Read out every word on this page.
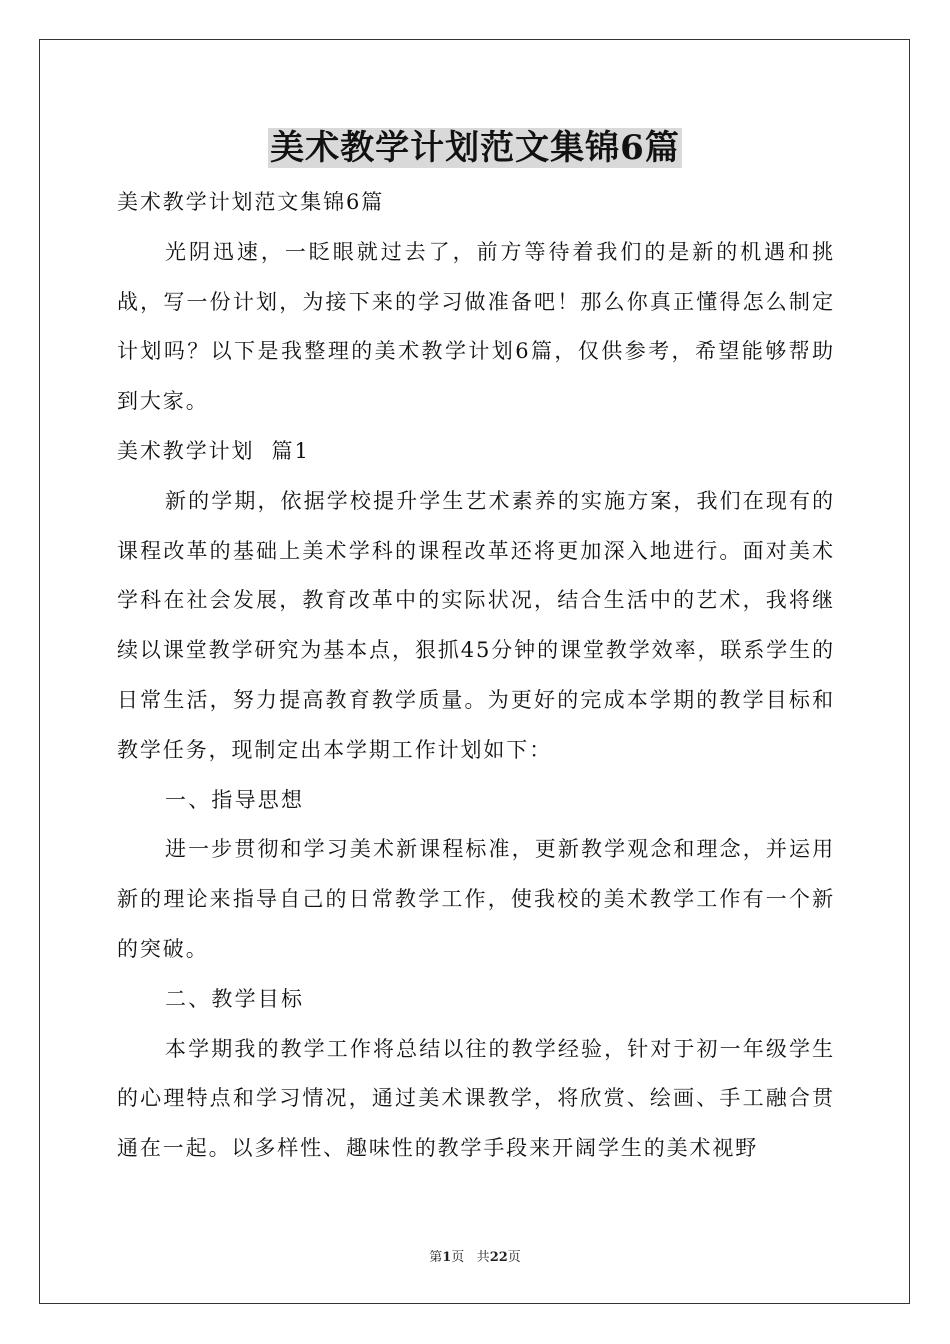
美术教学计划范文集锦6篇

美术教学计划范文集锦6篇

光阴迅速，一眨眼就过去了，前方等待着我们的是新的机遇和挑战，写一份计划，为接下来的学习做准备吧！那么你真正懂得怎么制定计划吗？以下是我整理的美术教学计划6篇，仅供参考，希望能够帮助到大家。

美术教学计划  篇1

新的学期，依据学校提升学生艺术素养的实施方案，我们在现有的课程改革的基础上美术学科的课程改革还将更加深入地进行。面对美术学科在社会发展，教育改革中的实际状况，结合生活中的艺术，我将继续以课堂教学研究为基本点，狠抓45分钟的课堂教学效率，联系学生的日常生活，努力提高教育教学质量。为更好的完成本学期的教学目标和教学任务，现制定出本学期工作计划如下：

一、指导思想

进一步贯彻和学习美术新课程标准，更新教学观念和理念，并运用新的理论来指导自己的日常教学工作，使我校的美术教学工作有一个新的突破。

二、教学目标

本学期我的教学工作将总结以往的教学经验，针对于初一年级学生的心理特点和学习情况，通过美术课教学，将欣赏、绘画、手工融合贯通在一起。以多样性、趣味性的教学手段来开阔学生的美术视野

第1页 共22页
